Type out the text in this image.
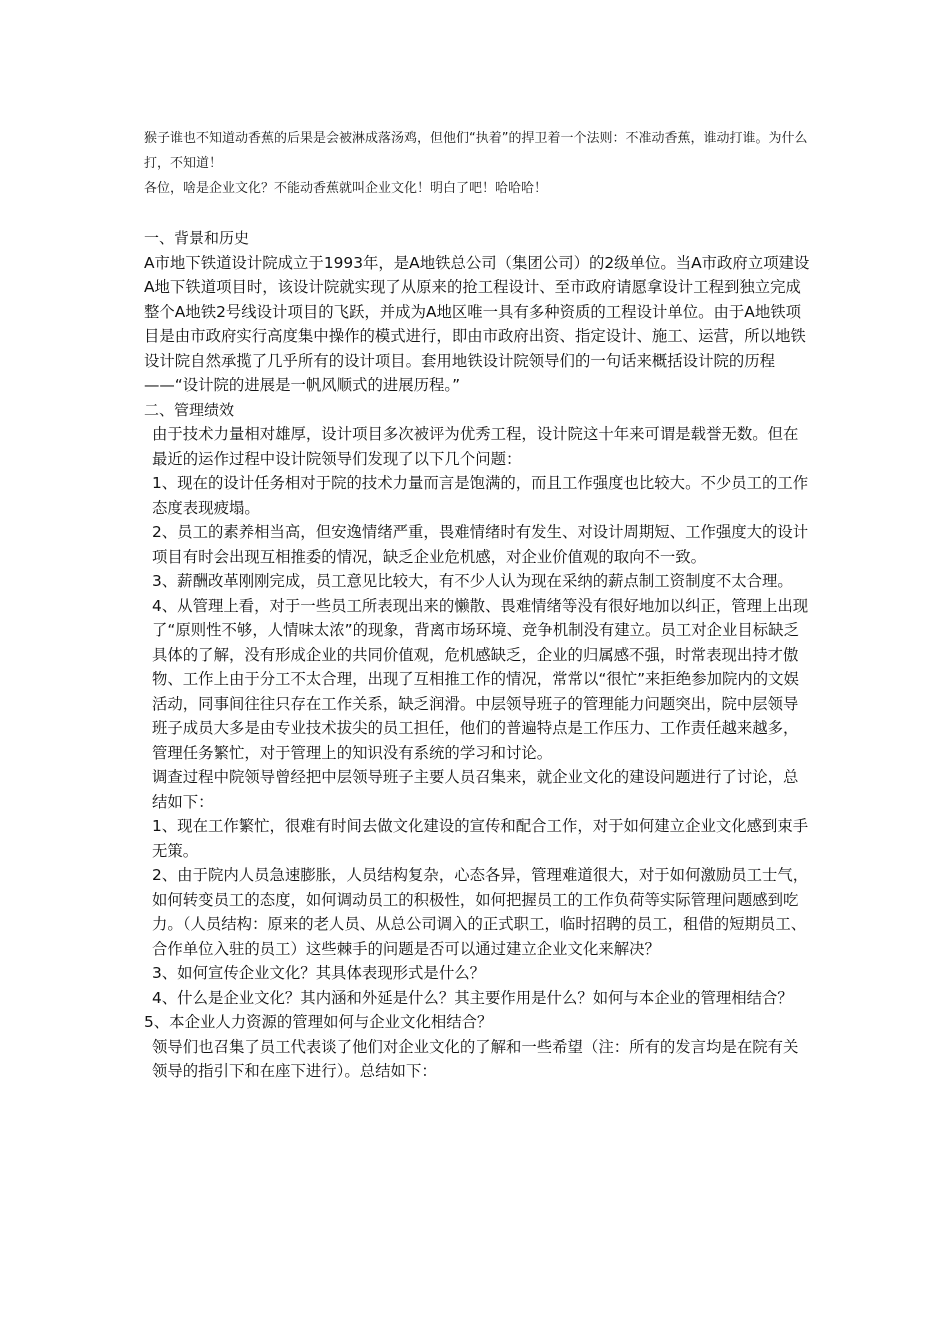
猴子谁也不知道动香蕉的后果是会被淋成落汤鸡，但他们“执着”的捍卫着一个法则：不准动香蕉，谁动打谁。为什么打，不知道！

各位，啥是企业文化？不能动香蕉就叫企业文化！明白了吧！哈哈哈！

一、背景和历史

A市地下铁道设计院成立于1993年，是A地铁总公司（集团公司）的2级单位。当A市政府立项建设A地下铁道项目时，该设计院就实现了从原来的抢工程设计、至市政府请愿拿设计工程到独立完成整个A地铁2号线设计项目的飞跃，并成为A地区唯一具有多种资质的工程设计单位。由于A地铁项目是由市政府实行高度集中操作的模式进行，即由市政府出资、指定设计、施工、运营，所以地铁设计院自然承揽了几乎所有的设计项目。套用地铁设计院领导们的一句话来概括设计院的历程——“设计院的进展是一帆风顺式的进展历程。”

二、管理绩效

由于技术力量相对雄厚，设计项目多次被评为优秀工程，设计院这十年来可谓是载誉无数。但在最近的运作过程中设计院领导们发现了以下几个问题：

1、现在的设计任务相对于院的技术力量而言是饱满的，而且工作强度也比较大。不少员工的工作态度表现疲塌。

2、员工的素养相当高，但安逸情绪严重，畏难情绪时有发生、对设计周期短、工作强度大的设计项目有时会出现互相推委的情况，缺乏企业危机感，对企业价值观的取向不一致。

3、薪酬改革刚刚完成，员工意见比较大，有不少人认为现在采纳的薪点制工资制度不太合理。

4、从管理上看，对于一些员工所表现出来的懒散、畏难情绪等没有很好地加以纠正，管理上出现了“原则性不够，人情味太浓”的现象，背离市场环境、竞争机制没有建立。员工对企业目标缺乏具体的了解，没有形成企业的共同价值观，危机感缺乏，企业的归属感不强，时常表现出持才傲物、工作上由于分工不太合理，出现了互相推工作的情况，常常以“很忙”来拒绝参加院内的文娱活动，同事间往往只存在工作关系，缺乏润滑。中层领导班子的管理能力问题突出，院中层领导班子成员大多是由专业技术拔尖的员工担任，他们的普遍特点是工作压力、工作责任越来越多，管理任务繁忙，对于管理上的知识没有系统的学习和讨论。

调查过程中院领导曾经把中层领导班子主要人员召集来，就企业文化的建设问题进行了讨论，总结如下：

1、现在工作繁忙，很难有时间去做文化建设的宣传和配合工作，对于如何建立企业文化感到束手无策。

2、由于院内人员急速膨胀，人员结构复杂，心态各异，管理难道很大，对于如何激励员工士气，如何转变员工的态度，如何调动员工的积极性，如何把握员工的工作负荷等实际管理问题感到吃力。（人员结构：原来的老人员、从总公司调入的正式职工，临时招聘的员工，租借的短期员工、合作单位入驻的员工）这些棘手的问题是否可以通过建立企业文化来解决？

3、如何宣传企业文化？其具体表现形式是什么？

4、什么是企业文化？其内涵和外延是什么？其主要作用是什么？如何与本企业的管理相结合？

5、本企业人力资源的管理如何与企业文化相结合？

领导们也召集了员工代表谈了他们对企业文化的了解和一些希望（注：所有的发言均是在院有关领导的指引下和在座下进行）。总结如下：
